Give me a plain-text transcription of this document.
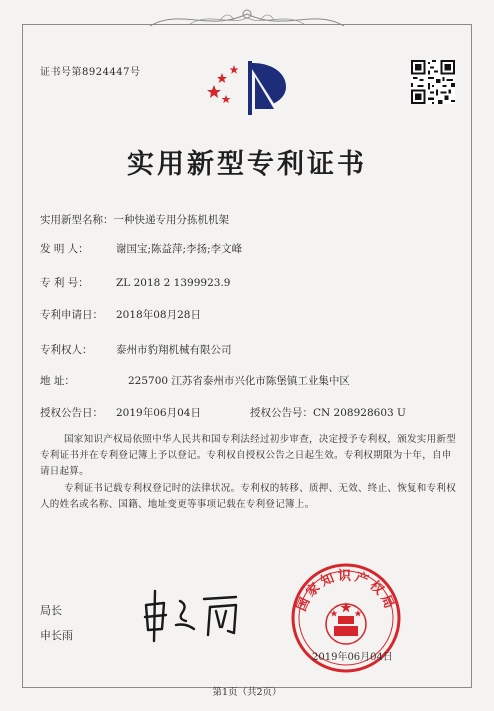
证书号第8924447号
实用新型专利证书
实用新型名称：一种快递专用分拣机机架
发 明 人：	谢国宝;陈益萍;李扬;李文峰
专 利 号：	ZL 2018 2 1399923.9
专利申请日： 2018年08月28日
专利权人： 泰州市豹翔机械有限公司
地 址：	225700 江苏省泰州市兴化市陈堡镇工业集中区
授权公告日： 2019年06月04日	授权公告号：CN 208928603 U
国家知识产权局依照中华人民共和国专利法经过初步审查，决定授予专利权，颁发实用新型专利证书并在专利登记簿上予以登记。专利权自授权公告之日起生效。专利权期限为十年，自申请日起算。
专利证书记载专利权登记时的法律状况。专利权的转移、质押、无效、终止、恢复和专利权人的姓名或名称、国籍、地址变更等事项记载在专利登记簿上。
局长
申长雨
国家知识产权局
2019年06月04日
第1页（共2页）
